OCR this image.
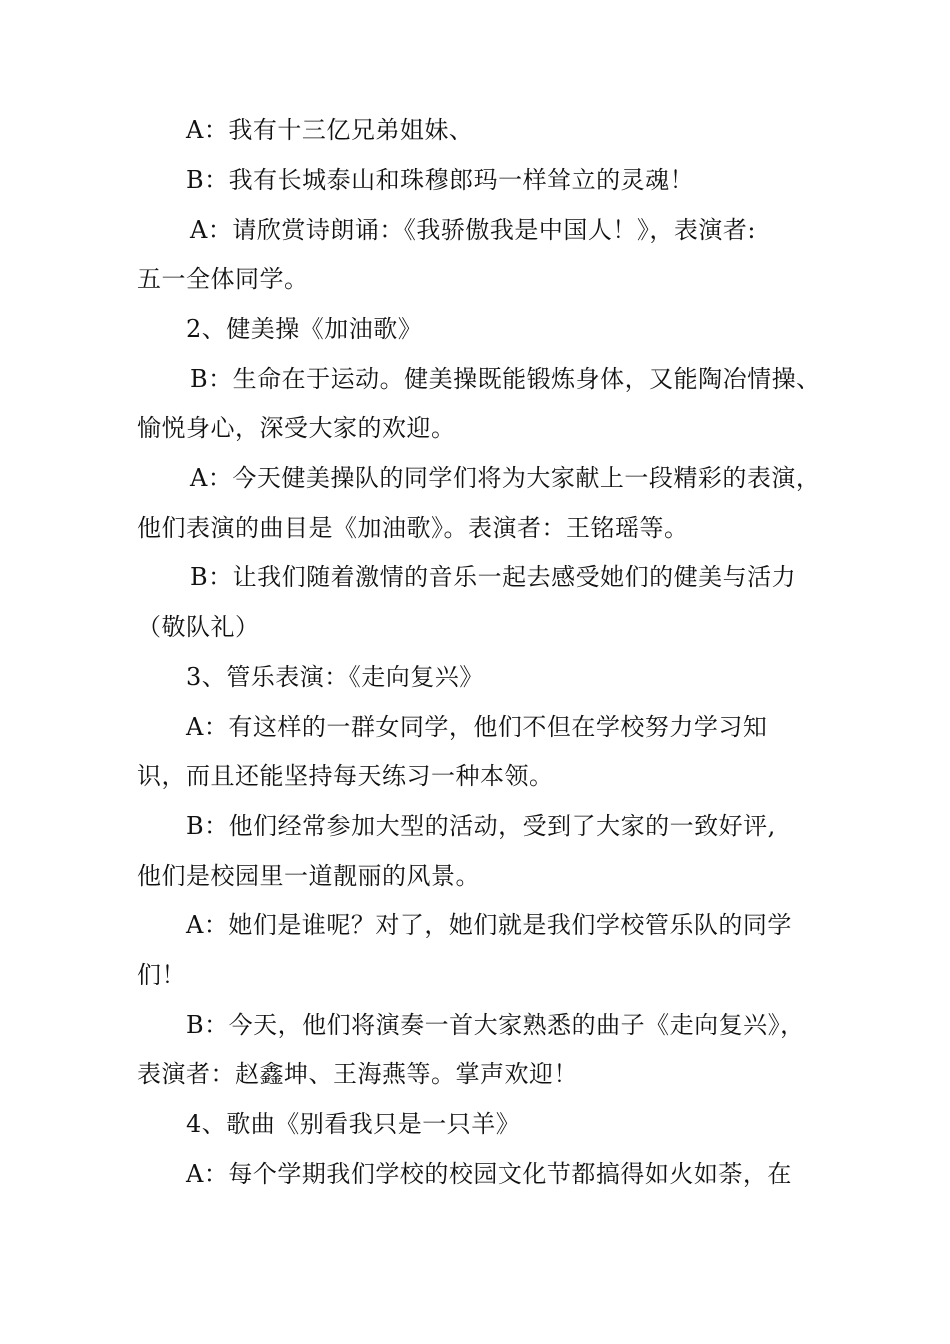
A：我有十三亿兄弟姐妹、
B：我有长城泰山和珠穆郎玛一样耸立的灵魂！
A：请欣赏诗朗诵：《我骄傲我是中国人！》，表演者:
五一全体同学。
2、健美操《加油歌》
B：生命在于运动。健美操既能锻炼身体，又能陶冶情操、
愉悦身心，深受大家的欢迎。
A：今天健美操队的同学们将为大家献上一段精彩的表演，
他们表演的曲目是《加油歌》。表演者：王铭瑶等。
B：让我们随着激情的音乐一起去感受她们的健美与活力
（敬队礼）
3、管乐表演：《走向复兴》
A：有这样的一群女同学，他们不但在学校努力学习知
识，而且还能坚持每天练习一种本领。
B：他们经常参加大型的活动，受到了大家的一致好评,
他们是校园里一道靓丽的风景。
A：她们是谁呢？对了，她们就是我们学校管乐队的同学
们！
B：今天，他们将演奏一首大家熟悉的曲子《走向复兴》，
表演者：赵鑫坤、王海燕等。掌声欢迎！
4、歌曲《别看我只是一只羊》
A：每个学期我们学校的校园文化节都搞得如火如荼，在
